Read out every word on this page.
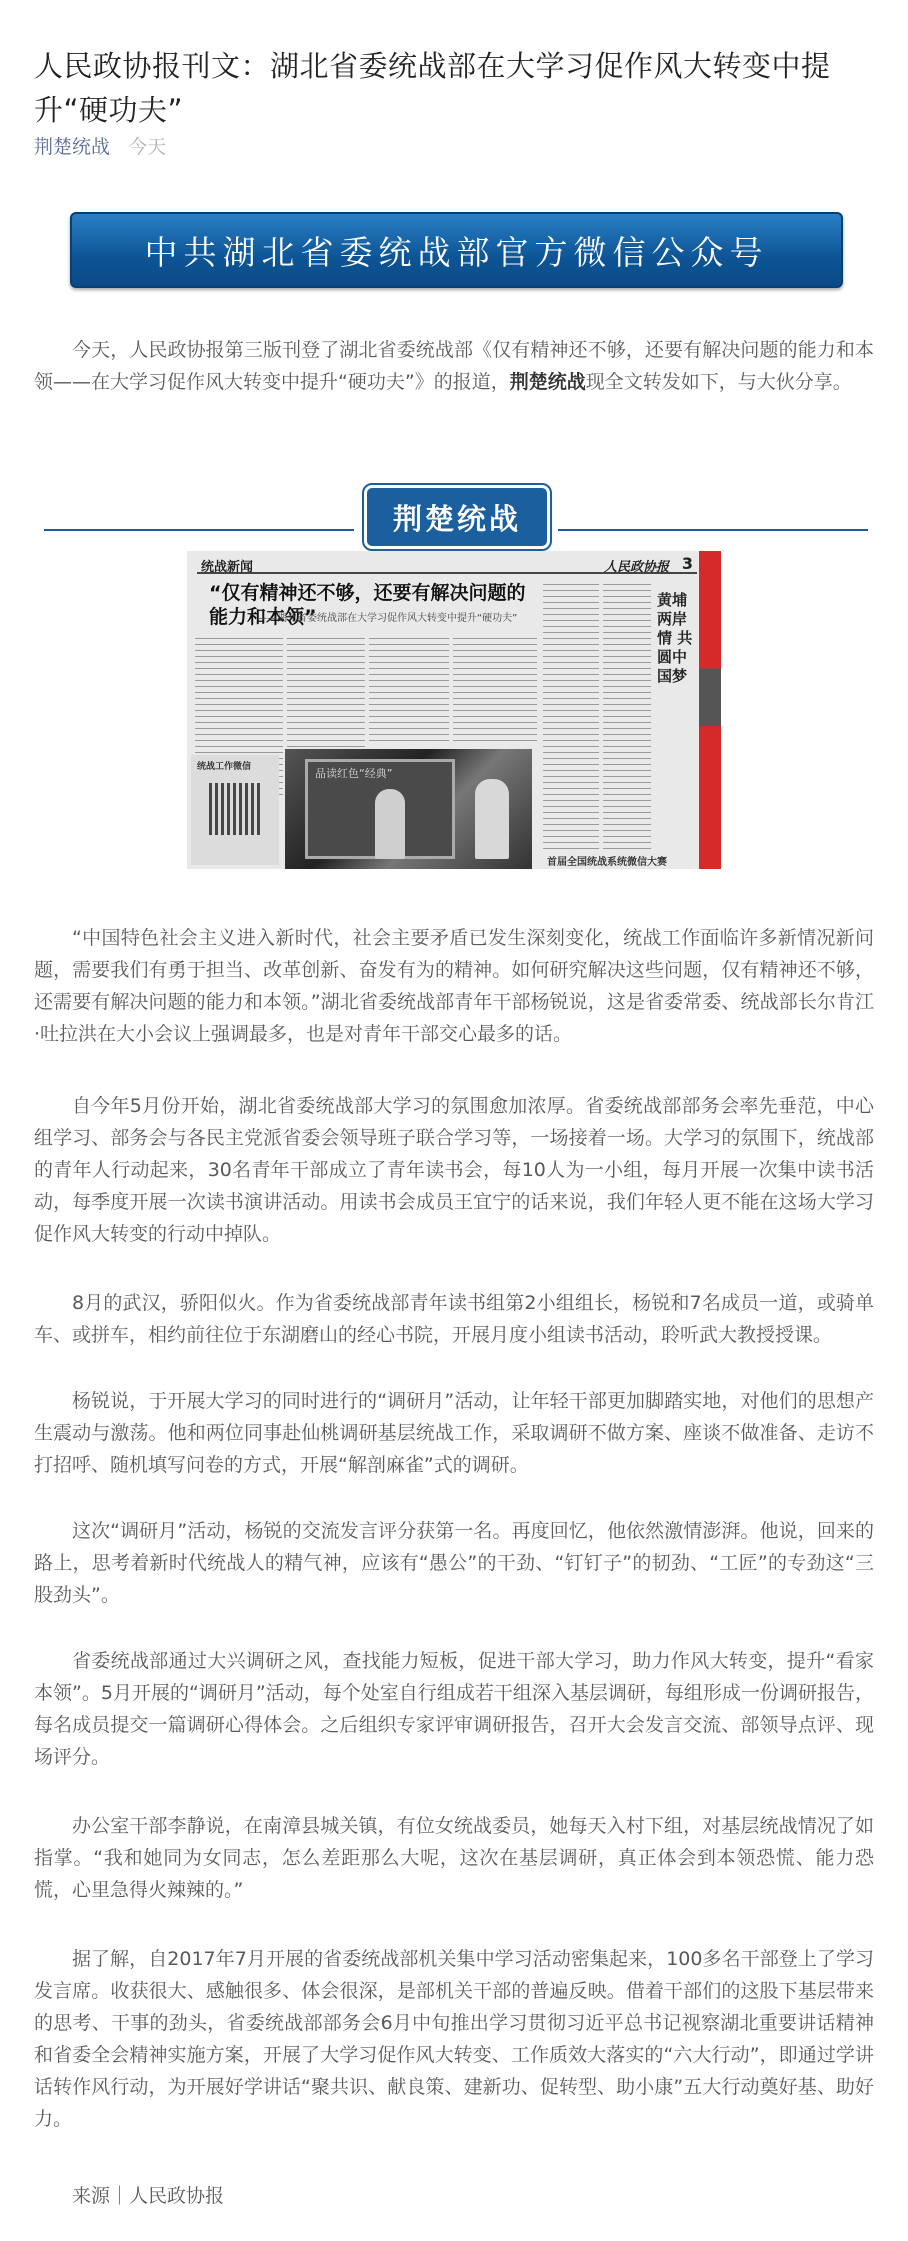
人民政协报刊文：湖北省委统战部在大学习促作风大转变中提升“硬功夫”
荆楚统战 今天
中共湖北省委统战部官方微信公众号

今天，人民政协报第三版刊登了湖北省委统战部《仅有精神还不够，还要有解决问题的能力和本领——在大学习促作风大转变中提升“硬功夫”》的报道，荆楚统战现全文转发如下，与大伙分享。

荆楚统战
统战新闻	人民政协报 3
“仅有精神还不够，还要有解决问题的能力和本领”
——湖北省委统战部在大学习促作风大转变中提升“硬功夫”
黄埔两岸情 共圆中国梦
统战工作微信	品读红色“经典”
首届全国统战系统微信大赛

“中国特色社会主义进入新时代，社会主要矛盾已发生深刻变化，统战工作面临许多新情况新问题，需要我们有勇于担当、改革创新、奋发有为的精神。如何研究解决这些问题，仅有精神还不够，还需要有解决问题的能力和本领。”湖北省委统战部青年干部杨锐说，这是省委常委、统战部长尔肯江·吐拉洪在大小会议上强调最多，也是对青年干部交心最多的话。

自今年5月份开始，湖北省委统战部大学习的氛围愈加浓厚。省委统战部部务会率先垂范，中心组学习、部务会与各民主党派省委会领导班子联合学习等，一场接着一场。大学习的氛围下，统战部的青年人行动起来，30名青年干部成立了青年读书会，每10人为一小组，每月开展一次集中读书活动，每季度开展一次读书演讲活动。用读书会成员王宜宁的话来说，我们年轻人更不能在这场大学习促作风大转变的行动中掉队。

8月的武汉，骄阳似火。作为省委统战部青年读书组第2小组组长，杨锐和7名成员一道，或骑单车、或拼车，相约前往位于东湖磨山的经心书院，开展月度小组读书活动，聆听武大教授授课。

杨锐说，于开展大学习的同时进行的“调研月”活动，让年轻干部更加脚踏实地，对他们的思想产生震动与激荡。他和两位同事赴仙桃调研基层统战工作，采取调研不做方案、座谈不做准备、走访不打招呼、随机填写问卷的方式，开展“解剖麻雀”式的调研。

这次“调研月”活动，杨锐的交流发言评分获第一名。再度回忆，他依然激情澎湃。他说，回来的路上，思考着新时代统战人的精气神，应该有“愚公”的干劲、“钉钉子”的韧劲、“工匠”的专劲这“三股劲头”。

省委统战部通过大兴调研之风，查找能力短板，促进干部大学习，助力作风大转变，提升“看家本领”。5月开展的“调研月”活动，每个处室自行组成若干组深入基层调研，每组形成一份调研报告，每名成员提交一篇调研心得体会。之后组织专家评审调研报告，召开大会发言交流、部领导点评、现场评分。

办公室干部李静说，在南漳县城关镇，有位女统战委员，她每天入村下组，对基层统战情况了如指掌。“我和她同为女同志，怎么差距那么大呢，这次在基层调研，真正体会到本领恐慌、能力恐慌，心里急得火辣辣的。”

据了解，自2017年7月开展的省委统战部机关集中学习活动密集起来，100多名干部登上了学习发言席。收获很大、感触很多、体会很深，是部机关干部的普遍反映。借着干部们的这股下基层带来的思考、干事的劲头，省委统战部部务会6月中旬推出学习贯彻习近平总书记视察湖北重要讲话精神和省委全会精神实施方案，开展了大学习促作风大转变、工作质效大落实的“六大行动”，即通过学讲话转作风行动，为开展好学讲话“聚共识、献良策、建新功、促转型、助小康”五大行动奠好基、助好力。

来源｜人民政协报
